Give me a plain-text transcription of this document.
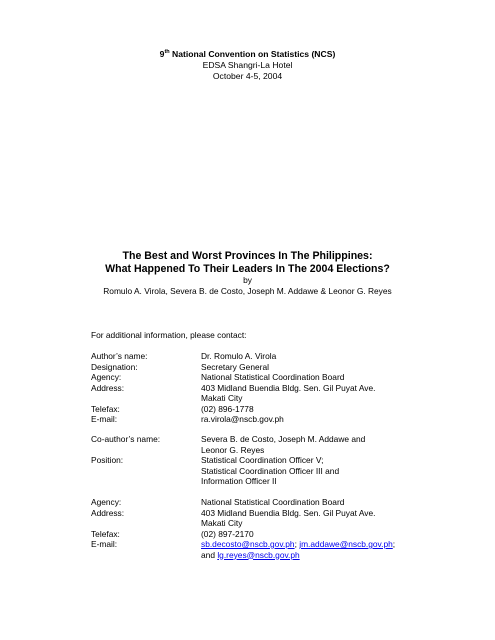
9th National Convention on Statistics (NCS)
EDSA Shangri-La Hotel
October 4-5, 2004
The Best and Worst Provinces In The Philippines:
What Happened To Their Leaders In The 2004 Elections?
by
Romulo A. Virola, Severa B. de Costo, Joseph M. Addawe & Leonor G. Reyes
For additional information, please contact:
Author’s name:	Dr. Romulo A. Virola
Designation:	Secretary General
Agency:	National Statistical Coordination Board
Address:	403 Midland Buendia Bldg. Sen. Gil Puyat Ave.
Makati City
Telefax:	(02) 896-1778
E-mail:	ra.virola@nscb.gov.ph
Co-author’s name:	Severa B. de Costo, Joseph M. Addawe and
Leonor G. Reyes
Position:	Statistical Coordination Officer V;
Statistical Coordination Officer III and
Information Officer II
Agency:	National Statistical Coordination Board
Address:	403 Midland Buendia Bldg. Sen. Gil Puyat Ave.
Makati City
Telefax:	(02) 897-2170
E-mail:	sb.decosto@nscb.gov.ph; jm.addawe@nscb.gov.ph;
and lg.reyes@nscb.gov.ph
